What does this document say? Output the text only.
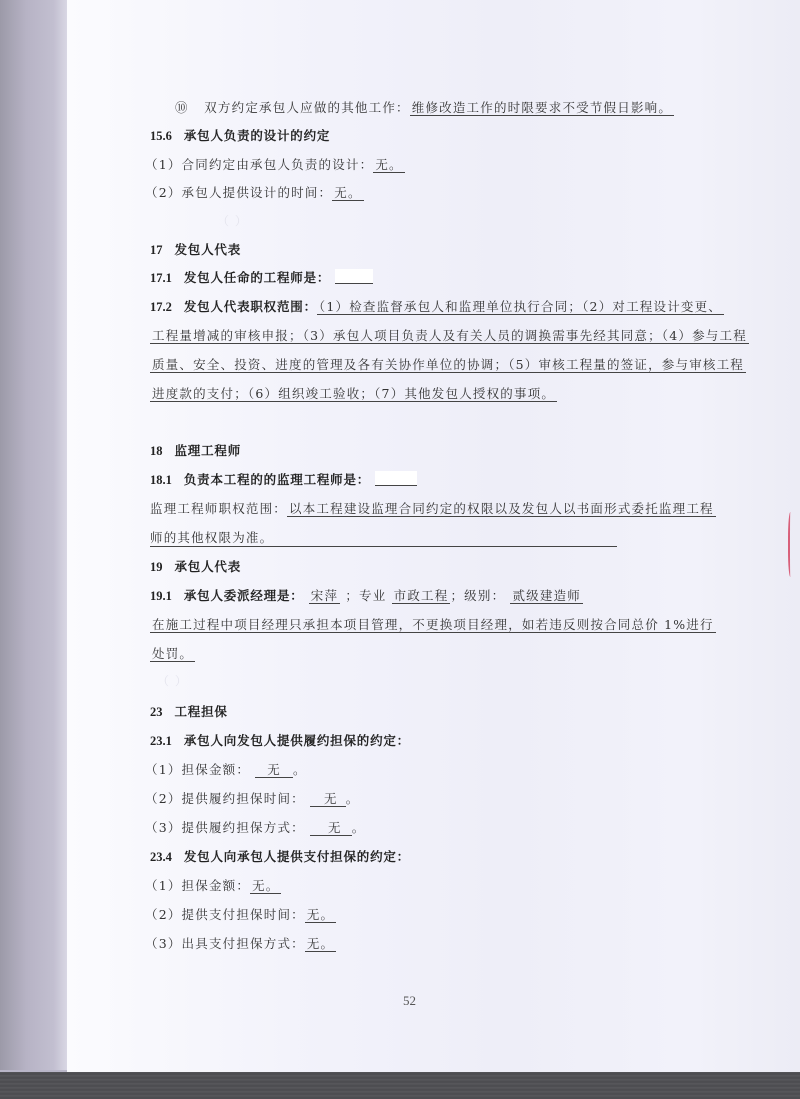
⑩ 双方约定承包人应做的其他工作： 维修改造工作的时限要求不受节假日影响。
15.6 承包人负责的设计的约定
（1）合同约定由承包人负责的设计： 无。
（2）承包人提供设计的时间： 无。
（ ）
17 发包人代表
17.1 发包人任命的工程师是：
17.2 发包人代表职权范围： （1）检查监督承包人和监理单位执行合同；（2）对工程设计变更、
工程量增减的审核申报；（3）承包人项目负责人及有关人员的调换需事先经其同意；（4）参与工程
质量、安全、投资、进度的管理及各有关协作单位的协调；（5）审核工程量的签证，参与审核工程
进度款的支付；（6）组织竣工验收；（7）其他发包人授权的事项。
18 监理工程师
18.1 负责本工程的的监理工程师是：
监理工程师职权范围： 以本工程建设监理合同约定的权限以及发包人以书面形式委托监理工程
师的其他权限为准。
19 承包人代表
19.1 承包人委派经理是： 宋萍 ；专业 市政工程 ；级别： 贰级建造师
在施工过程中项目经理只承担本项目管理，不更换项目经理，如若违反则按合同总价 1%进行
处罚。
（ ）
23 工程担保
23.1 承包人向发包人提供履约担保的约定：
（1）担保金额： 无 。
（2）提供履约担保时间： 无 。
（3）提供履约担保方式： 无 。
23.4 发包人向承包人提供支付担保的约定：
（1）担保金额： 无。
（2）提供支付担保时间： 无。
（3）出具支付担保方式： 无。
52
